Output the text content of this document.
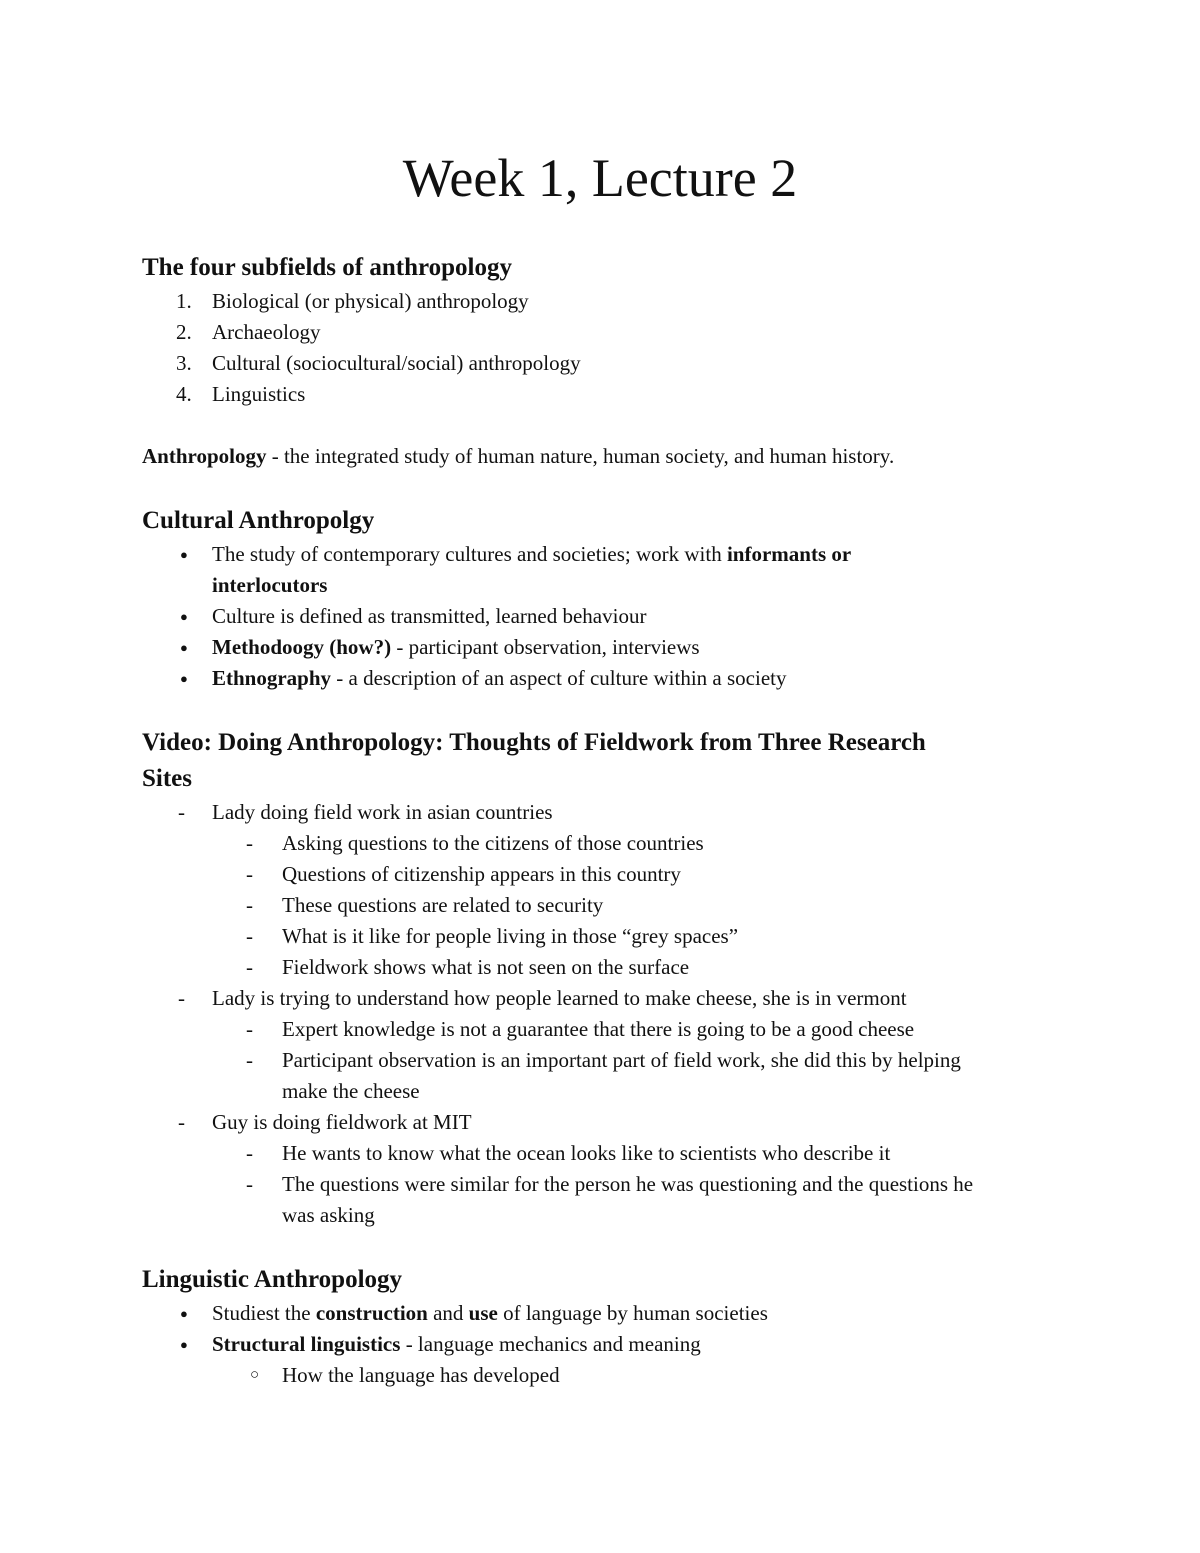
Week 1, Lecture 2

The four subfields of anthropology

1. Biological (or physical) anthropology

2. Archaeology

3. Cultural (sociocultural/social) anthropology

4. Linguistics

Anthropology - the integrated study of human nature, human society, and human history.

Cultural Anthropolgy

● The study of contemporary cultures and societies; work with informants or

interlocutors

● Culture is defined as transmitted, learned behaviour

● Methodoogy (how?) - participant observation, interviews

● Ethnography - a description of an aspect of culture within a society

Video: Doing Anthropology: Thoughts of Fieldwork from Three Research

Sites

- Lady doing field work in asian countries

- Asking questions to the citizens of those countries

- Questions of citizenship appears in this country

- These questions are related to security

- What is it like for people living in those “grey spaces”

- Fieldwork shows what is not seen on the surface

- Lady is trying to understand how people learned to make cheese, she is in vermont

- Expert knowledge is not a guarantee that there is going to be a good cheese

- Participant observation is an important part of field work, she did this by helping

make the cheese

- Guy is doing fieldwork at MIT

- He wants to know what the ocean looks like to scientists who describe it

- The questions were similar for the person he was questioning and the questions he

was asking

Linguistic Anthropology

● Studiest the construction and use of language by human societies

● Structural linguistics - language mechanics and meaning

○ How the language has developed
